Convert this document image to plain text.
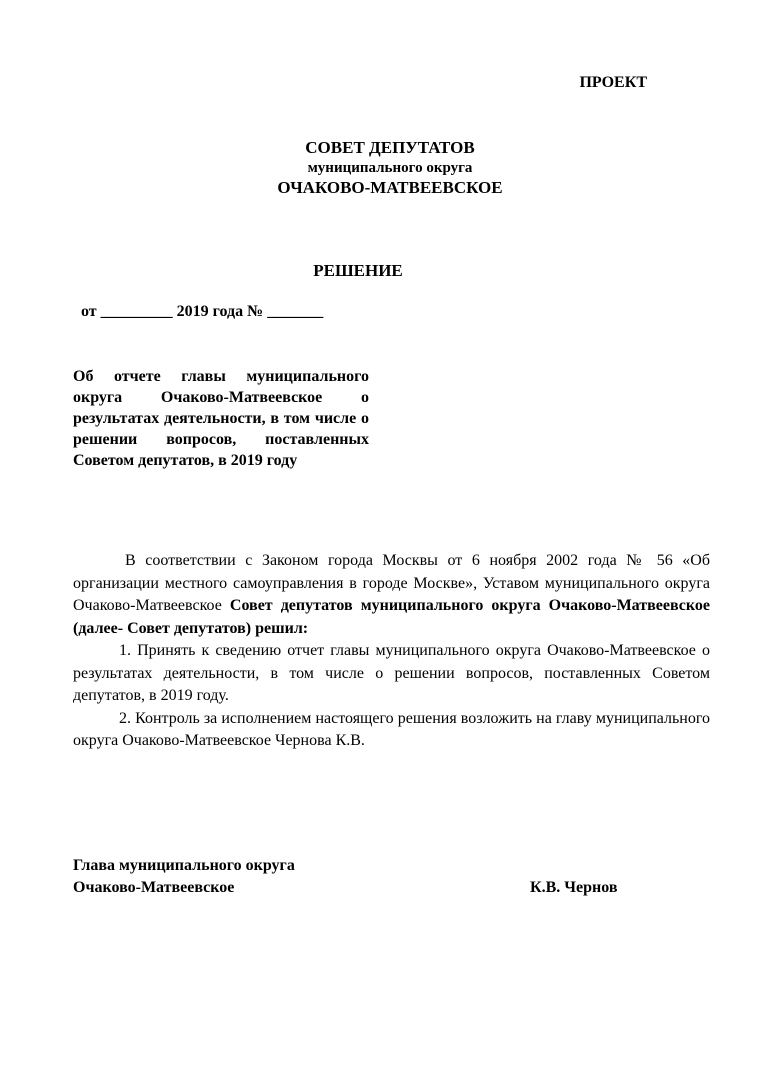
ПРОЕКТ
СОВЕТ ДЕПУТАТОВ
муниципального округа
ОЧАКОВО-МАТВЕЕВСКОЕ
РЕШЕНИЕ
от _________ 2019 года № _______
Об отчете главы муниципального округа Очаково-Матвеевское о результатах деятельности, в том числе о решении вопросов, поставленных Советом депутатов, в 2019 году

В соответствии с Законом города Москвы от 6 ноября 2002 года № 56 «Об организации местного самоуправления в городе Москве», Уставом муниципального округа Очаково-Матвеевское Совет депутатов муниципального округа Очаково-Матвеевское (далее- Совет депутатов) решил:

1. Принять к сведению отчет главы муниципального округа Очаково-Матвеевское о результатах деятельности, в том числе о решении вопросов, поставленных Советом депутатов, в 2019 году.

2. Контроль за исполнением настоящего решения возложить на главу муниципального округа Очаково-Матвеевское Чернова К.В.

Глава муниципального округа
Очаково-Матвеевское	К.В. Чернов
